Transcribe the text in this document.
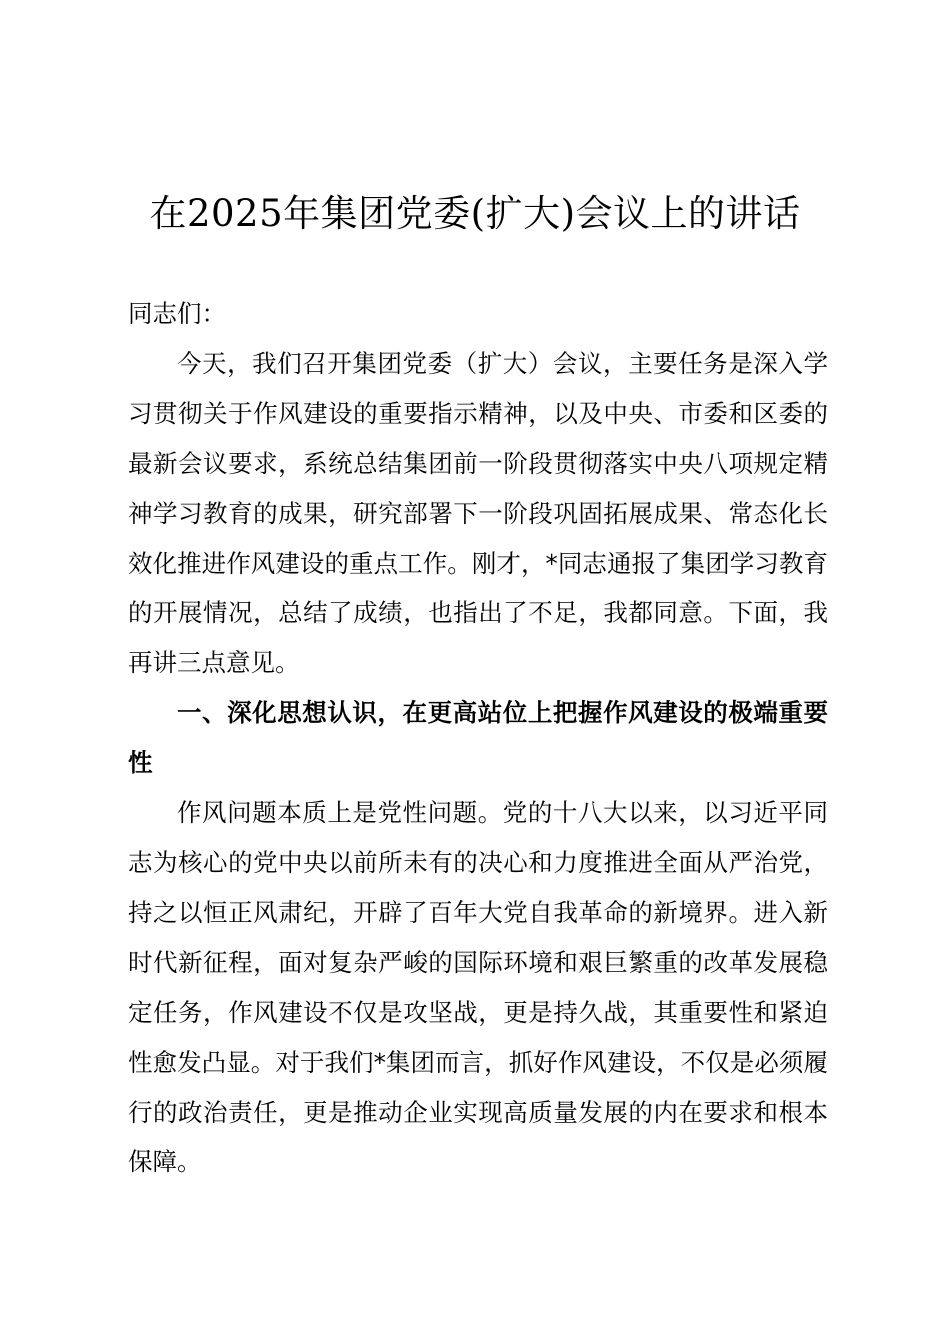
在2025年集团党委(扩大)会议上的讲话

同志们：

今天，我们召开集团党委（扩大）会议，主要任务是深入学习贯彻关于作风建设的重要指示精神，以及中央、市委和区委的最新会议要求，系统总结集团前一阶段贯彻落实中央八项规定精神学习教育的成果，研究部署下一阶段巩固拓展成果、常态化长效化推进作风建设的重点工作。刚才，*同志通报了集团学习教育的开展情况，总结了成绩，也指出了不足，我都同意。下面，我再讲三点意见。

一、深化思想认识，在更高站位上把握作风建设的极端重要性

作风问题本质上是党性问题。党的十八大以来，以习近平同志为核心的党中央以前所未有的决心和力度推进全面从严治党，持之以恒正风肃纪，开辟了百年大党自我革命的新境界。进入新时代新征程，面对复杂严峻的国际环境和艰巨繁重的改革发展稳定任务，作风建设不仅是攻坚战，更是持久战，其重要性和紧迫性愈发凸显。对于我们*集团而言，抓好作风建设，不仅是必须履行的政治责任，更是推动企业实现高质量发展的内在要求和根本保障。
